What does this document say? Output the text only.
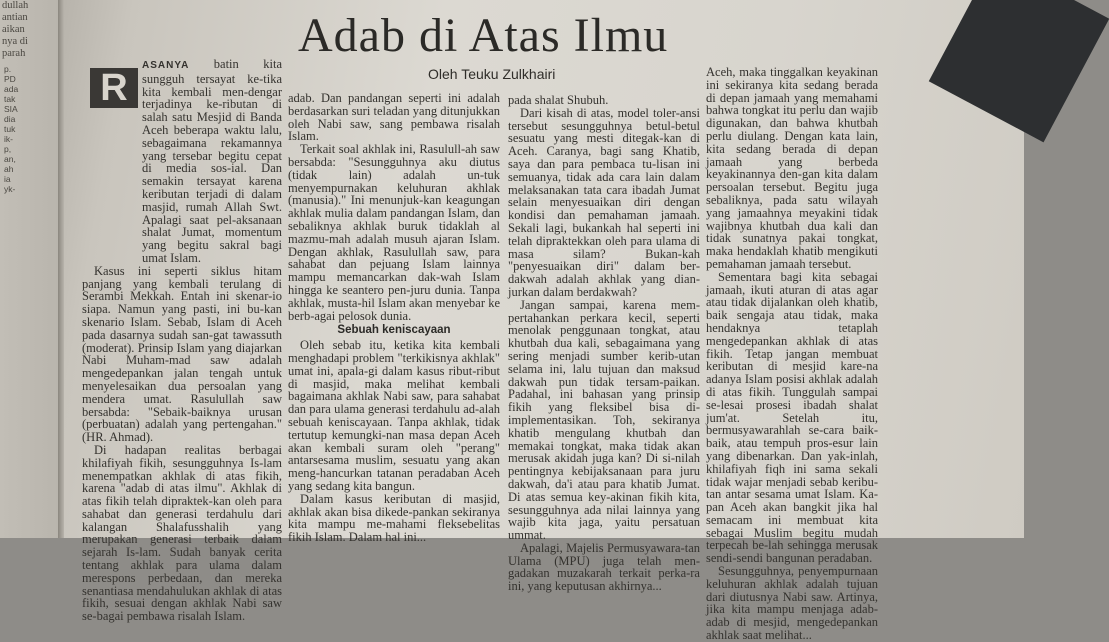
dullah
antian
aikan
nya di
parah
p.
PD
ada
tak
SIA
dia
tuk
ik-
p,
an,
ah
ia
yk-
Adab di Atas Ilmu
Oleh Teuku Zulkhairi
R

ASANYA batin kita sungguh tersayat ke-tika kita kembali men-dengar terjadinya ke-ributan di salah satu Mesjid di Banda Aceh beberapa waktu lalu, sebagaimana rekamannya yang tersebar begitu cepat di media sos-ial. Dan semakin tersayat karena keributan terjadi di dalam masjid, rumah Allah Swt. Apalagi saat pel-aksanaan shalat Jumat, momentum yang begitu sakral bagi umat Islam.

Kasus ini seperti siklus hitam panjang yang kembali terulang di Serambi Mekkah. Entah ini skenar-io siapa. Namun yang pasti, ini bu-kan skenario Islam. Sebab, Islam di Aceh pada dasarnya sudah san-gat tawassuth (moderat). Prinsip Islam yang diajarkan Nabi Muham-mad saw adalah mengedepankan jalan tengah untuk menyelesaikan dua persoalan yang mendera umat. Rasulullah saw bersabda: "Sebaik-baiknya urusan (perbuatan) adalah yang pertengahan." (HR. Ahmad).

Di hadapan realitas berbagai khilafiyah fikih, sesungguhnya Is-lam menempatkan akhlak di atas fikih, karena "adab di atas ilmu". Akhlak di atas fikih telah dipraktek-kan oleh para sahabat dan generasi terdahulu dari kalangan Shalafusshalih yang merupakan generasi terbaik dalam sejarah Is-lam. Sudah banyak cerita tentang akhlak para ulama dalam merespons perbedaan, dan mereka senantiasa mendahulukan akhlak di atas fikih, sesuai dengan akhlak Nabi saw se-bagai pembawa risalah Islam.

adab. Dan pandangan seperti ini adalah berdasarkan suri teladan yang ditunjukkan oleh Nabi saw, sang pembawa risalah Islam.

Terkait soal akhlak ini, Rasulull-ah saw bersabda: "Sesungguhnya aku diutus (tidak lain) adalah un-tuk menyempurnakan keluhuran akhlak (manusia)." Ini menunjuk-kan keagungan akhlak mulia dalam pandangan Islam, dan sebaliknya akhlak buruk tidaklah al mazmu-mah adalah musuh ajaran Islam. Dengan akhlak, Rasulullah saw, para sahabat dan pejuang Islam lainnya mampu memancarkan dak-wah Islam hingga ke seantero pen-juru dunia. Tanpa akhlak, musta-hil Islam akan menyebar ke berb-agai pelosok dunia.

Sebuah keniscayaan

Oleh sebab itu, ketika kita kembali menghadapi problem "terkikisnya akhlak" umat ini, apala-gi dalam kasus ribut-ribut di masjid, maka melihat kembali bagaimana akhlak Nabi saw, para sahabat dan para ulama generasi terdahulu ad-alah sebuah keniscayaan. Tanpa akhlak, tidak tertutup kemungki-nan masa depan Aceh akan kembali suram oleh "perang" antarsesama muslim, sesuatu yang akan meng-hancurkan tatanan peradaban Aceh yang sedang kita bangun.

Dalam kasus keributan di masjid, akhlak akan bisa dikede-pankan sekiranya kita mampu me-mahami fleksebelitas fikih Islam. Dalam hal ini...

pada shalat Shubuh.

Dari kisah di atas, model toler-ansi tersebut sesungguhnya betul-betul sesuatu yang mesti ditegak-kan di Aceh. Caranya, bagi sang Khatib, saya dan para pembaca tu-lisan ini semuanya, tidak ada cara lain dalam melaksanakan tata cara ibadah Jumat selain menyesuaikan diri dengan kondisi dan pemahaman jamaah. Sekali lagi, bukankah hal seperti ini telah dipraktekkan oleh para ulama di masa silam? Bukan-kah "penyesuaikan diri" dalam ber-dakwah adalah akhlak yang dian-jurkan dalam berdakwah?

Jangan sampai, karena mem-pertahankan perkara kecil, seperti menolak penggunaan tongkat, atau khutbah dua kali, sebagaimana yang sering menjadi sumber kerib-utan selama ini, lalu tujuan dan maksud dakwah pun tidak tersam-paikan. Padahal, ini bahasan yang prinsip fikih yang fleksibel bisa di-implementasikan. Toh, sekiranya khatib mengulang khutbah dan memakai tongkat, maka tidak akan merusak akidah juga kan? Di si-nilah pentingnya kebijaksanaan para juru dakwah, da'i atau para khatib Jumat. Di atas semua key-akinan fikih kita, sesungguhnya ada nilai lainnya yang wajib kita jaga, yaitu persatuan ummat.

Apalagi, Majelis Permusyawara-tan Ulama (MPU) juga telah men-gadakan muzakarah terkait perka-ra ini, yang keputusan akhirnya...

Aceh, maka tinggalkan keyakinan ini sekiranya kita sedang berada di depan jamaah yang memahami bahwa tongkat itu perlu dan wajib digunakan, dan bahwa khutbah perlu diulang. Dengan kata lain, kita sedang berada di depan jamaah yang berbeda keyakinannya den-gan kita dalam persoalan tersebut. Begitu juga sebaliknya, pada satu wilayah yang jamaahnya meyakini tidak wajibnya khutbah dua kali dan tidak sunatnya pakai tongkat, maka hendaklah khatib mengikuti pemahaman jamaah tersebut.

Sementara bagi kita sebagai jamaah, ikuti aturan di atas agar atau tidak dijalankan oleh khatib, baik sengaja atau tidak, maka hendaknya tetaplah mengedepankan akhlak di atas fikih. Tetap jangan membuat keributan di mesjid kare-na adanya Islam posisi akhlak adalah di atas fikih. Tunggulah sampai se-lesai prosesi ibadah shalat jum'at. Setelah itu, bermusyawarahlah se-cara baik-baik, atau tempuh pros-esur lain yang dibenarkan. Dan yak-inlah, khilafiyah fiqh ini sama sekali tidak wajar menjadi sebab keribu-tan antar sesama umat Islam. Ka-pan Aceh akan bangkit jika hal semacam ini membuat kita sebagai Muslim begitu mudah terpecah be-lah sehingga merusak sendi-sendi bangunan peradaban.

Sesungguhnya, penyempurnaan keluhuran akhlak adalah tujuan dari diutusnya Nabi saw. Artinya, jika kita mampu menjaga adab-adab di mesjid, mengedepankan akhlak saat melihat...
